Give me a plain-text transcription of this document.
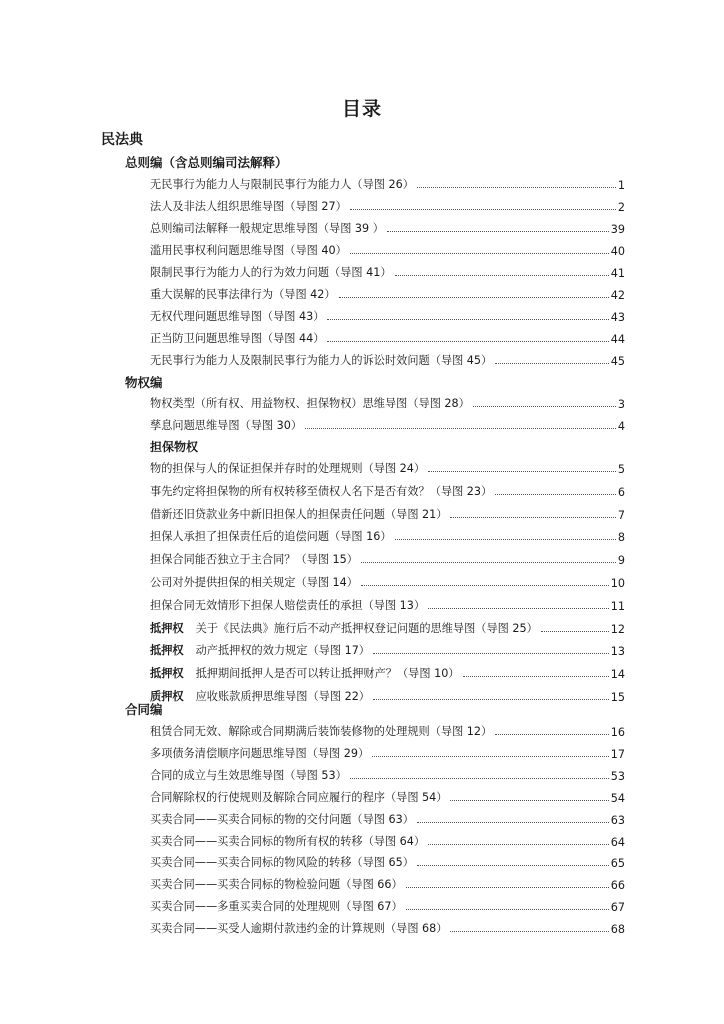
目录
民法典
总则编（含总则编司法解释）
无民事行为能力人与限制民事行为能力人（导图 26）	1
法人及非法人组织思维导图（导图 27）	2
总则编司法解释一般规定思维导图（导图 39 ）	39
滥用民事权利问题思维导图（导图 40）	40
限制民事行为能力人的行为效力问题（导图 41）	41
重大误解的民事法律行为（导图 42）	42
无权代理问题思维导图（导图 43）	43
正当防卫问题思维导图（导图 44）	44
无民事行为能力人及限制民事行为能力人的诉讼时效问题（导图 45）	45
物权编
物权类型（所有权、用益物权、担保物权）思维导图（导图 28）	3
孳息问题思维导图（导图 30）	4
担保物权
物的担保与人的保证担保并存时的处理规则（导图 24）	5
事先约定将担保物的所有权转移至债权人名下是否有效？（导图 23）	6
借新还旧贷款业务中新旧担保人的担保责任问题（导图 21）	7
担保人承担了担保责任后的追偿问题（导图 16）	8
担保合同能否独立于主合同？（导图 15）	9
公司对外提供担保的相关规定（导图 14）	10
担保合同无效情形下担保人赔偿责任的承担（导图 13）	11
抵押权 关于《民法典》施行后不动产抵押权登记问题的思维导图（导图 25）	12
抵押权 动产抵押权的效力规定（导图 17）	13
抵押权 抵押期间抵押人是否可以转让抵押财产？（导图 10）	14
质押权 应收账款质押思维导图（导图 22）	15
合同编
租赁合同无效、解除或合同期满后装饰装修物的处理规则（导图 12）	16
多项债务清偿顺序问题思维导图（导图 29）	17
合同的成立与生效思维导图（导图 53）	53
合同解除权的行使规则及解除合同应履行的程序（导图 54）	54
买卖合同——买卖合同标的物的交付问题（导图 63）	63
买卖合同——买卖合同标的物所有权的转移（导图 64）	64
买卖合同——买卖合同标的物风险的转移（导图 65）	65
买卖合同——买卖合同标的物检验问题（导图 66）	66
买卖合同——多重买卖合同的处理规则（导图 67）	67
买卖合同——买受人逾期付款违约金的计算规则（导图 68）	68
